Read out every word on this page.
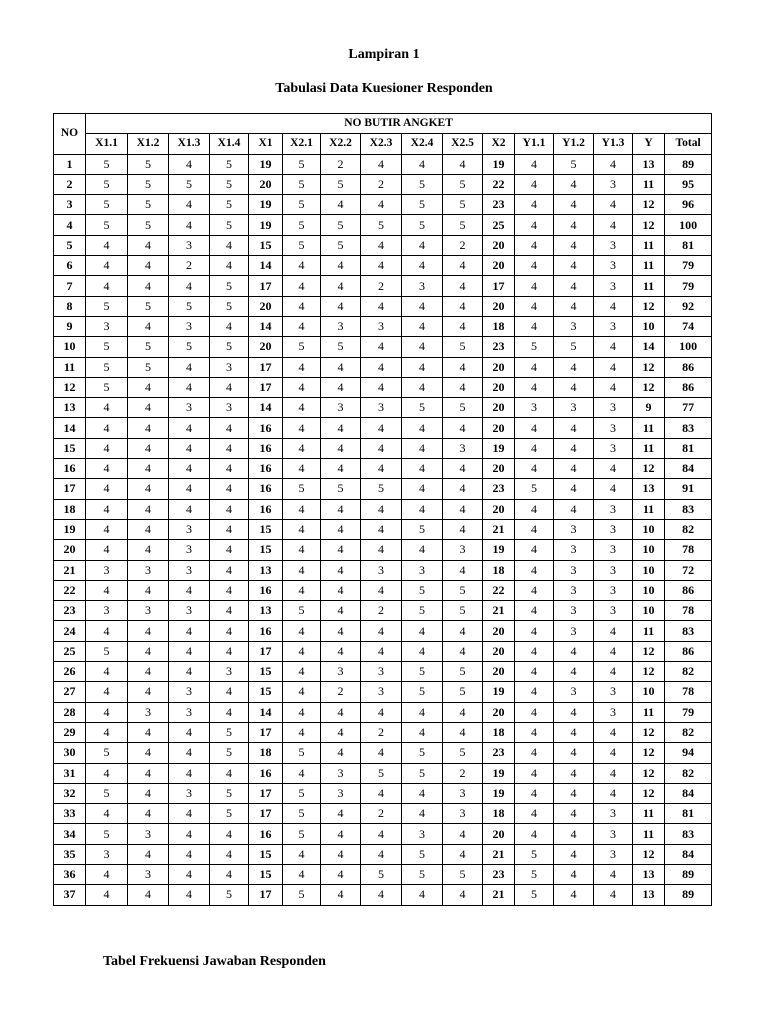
Lampiran 1
Tabulasi Data Kuesioner Responden
NO	NO BUTIR ANGKET															
	X1.1	X1.2	X1.3	X1.4	X1	X2.1	X2.2	X2.3	X2.4	X2.5	X2	Y1.1	Y1.2	Y1.3	Y	Total
1	5	5	4	5	19	5	2	4	4	4	19	4	5	4	13	89
2	5	5	5	5	20	5	5	2	5	5	22	4	4	3	11	95
3	5	5	4	5	19	5	4	4	5	5	23	4	4	4	12	96
4	5	5	4	5	19	5	5	5	5	5	25	4	4	4	12	100
5	4	4	3	4	15	5	5	4	4	2	20	4	4	3	11	81
6	4	4	2	4	14	4	4	4	4	4	20	4	4	3	11	79
7	4	4	4	5	17	4	4	2	3	4	17	4	4	3	11	79
8	5	5	5	5	20	4	4	4	4	4	20	4	4	4	12	92
9	3	4	3	4	14	4	3	3	4	4	18	4	3	3	10	74
10	5	5	5	5	20	5	5	4	4	5	23	5	5	4	14	100
11	5	5	4	3	17	4	4	4	4	4	20	4	4	4	12	86
12	5	4	4	4	17	4	4	4	4	4	20	4	4	4	12	86
13	4	4	3	3	14	4	3	3	5	5	20	3	3	3	9	77
14	4	4	4	4	16	4	4	4	4	4	20	4	4	3	11	83
15	4	4	4	4	16	4	4	4	4	3	19	4	4	3	11	81
16	4	4	4	4	16	4	4	4	4	4	20	4	4	4	12	84
17	4	4	4	4	16	5	5	5	4	4	23	5	4	4	13	91
18	4	4	4	4	16	4	4	4	4	4	20	4	4	3	11	83
19	4	4	3	4	15	4	4	4	5	4	21	4	3	3	10	82
20	4	4	3	4	15	4	4	4	4	3	19	4	3	3	10	78
21	3	3	3	4	13	4	4	3	3	4	18	4	3	3	10	72
22	4	4	4	4	16	4	4	4	5	5	22	4	3	3	10	86
23	3	3	3	4	13	5	4	2	5	5	21	4	3	3	10	78
24	4	4	4	4	16	4	4	4	4	4	20	4	3	4	11	83
25	5	4	4	4	17	4	4	4	4	4	20	4	4	4	12	86
26	4	4	4	3	15	4	3	3	5	5	20	4	4	4	12	82
27	4	4	3	4	15	4	2	3	5	5	19	4	3	3	10	78
28	4	3	3	4	14	4	4	4	4	4	20	4	4	3	11	79
29	4	4	4	5	17	4	4	2	4	4	18	4	4	4	12	82
30	5	4	4	5	18	5	4	4	5	5	23	4	4	4	12	94
31	4	4	4	4	16	4	3	5	5	2	19	4	4	4	12	82
32	5	4	3	5	17	5	3	4	4	3	19	4	4	4	12	84
33	4	4	4	5	17	5	4	2	4	3	18	4	4	3	11	81
34	5	3	4	4	16	5	4	4	3	4	20	4	4	3	11	83
35	3	4	4	4	15	4	4	4	5	4	21	5	4	3	12	84
36	4	3	4	4	15	4	4	5	5	5	23	5	4	4	13	89
37	4	4	4	5	17	5	4	4	4	4	21	5	4	4	13	89
Tabel Frekuensi Jawaban Responden
